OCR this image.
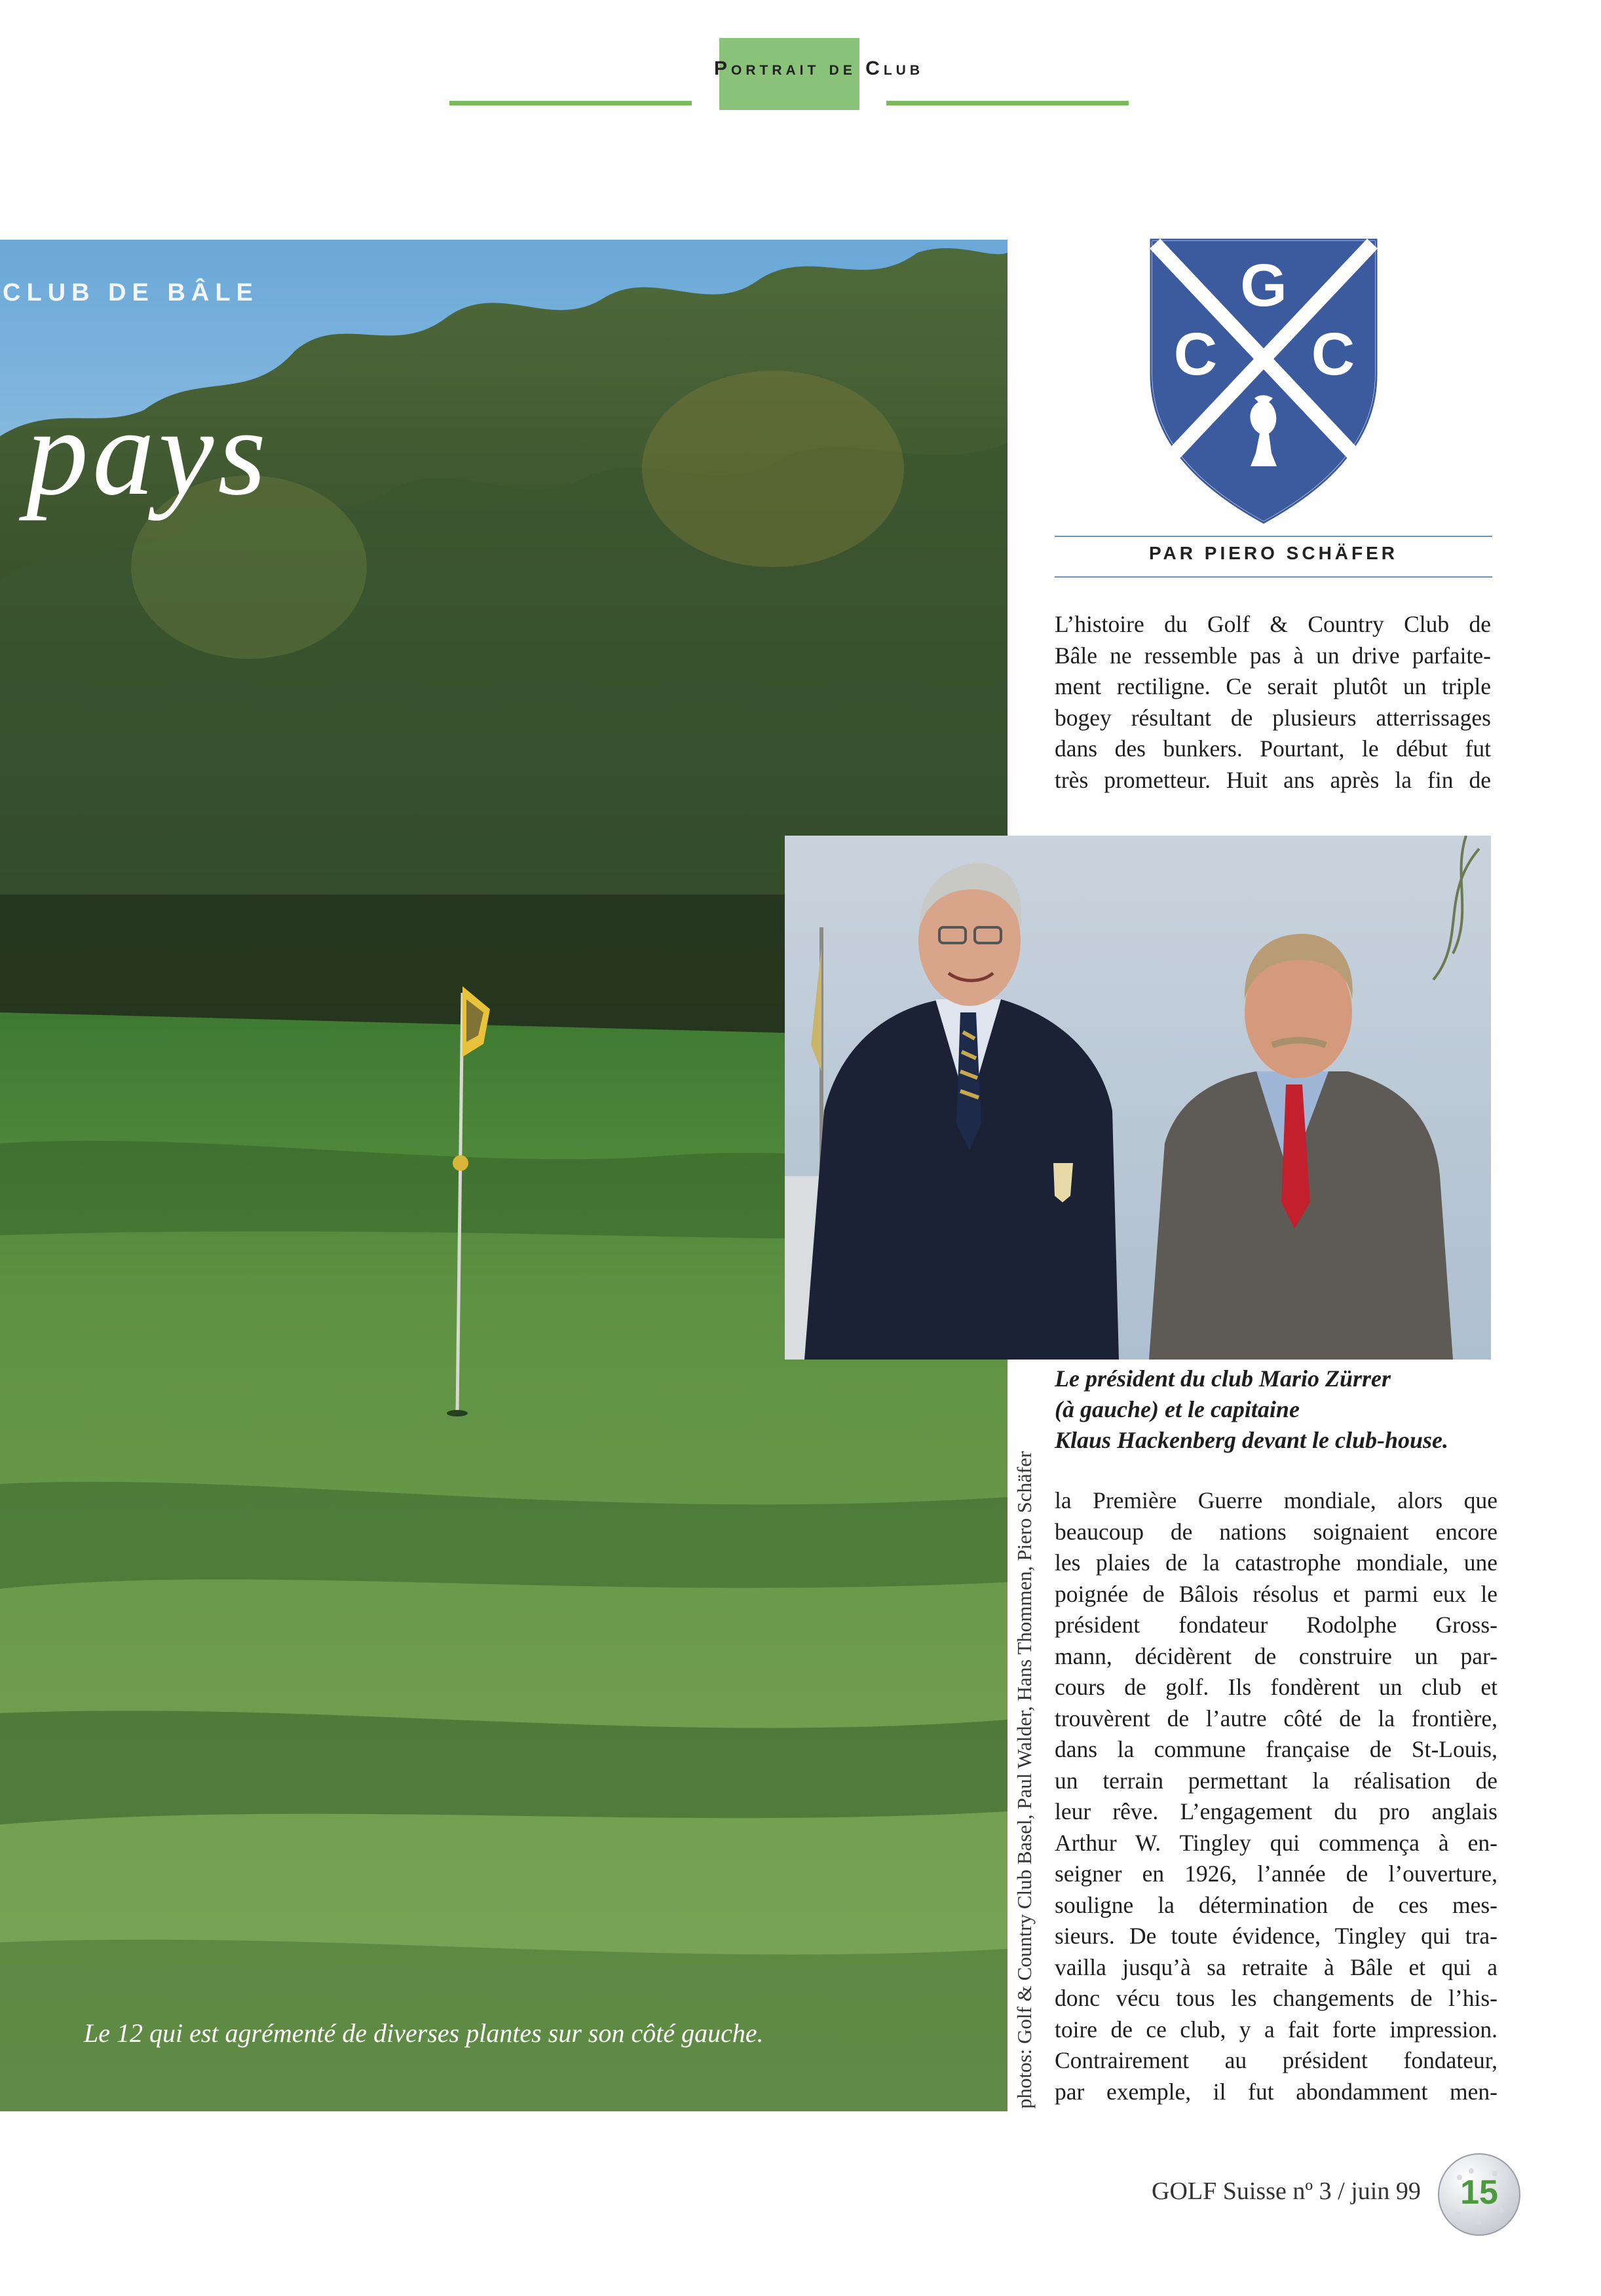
Portrait de Club
CLUB DE BÂLE
pays
Le 12 qui est agrémenté de diverses plantes sur son côté gauche.	photos: Golf & Country Club Basel, Paul Walder, Hans Thommen, Piero Schäfer
G
C C
PAR PIERO SCHÄFER
L’histoire du Golf & Country Club de
Bâle ne ressemble pas à un drive parfaite-
ment rectiligne. Ce serait plutôt un triple
bogey résultant de plusieurs atterrissages
dans des bunkers. Pourtant, le début fut
très prometteur. Huit ans après la fin de
Le président du club Mario Zürrer
(à gauche) et le capitaine
Klaus Hackenberg devant le club-house.
la Première Guerre mondiale, alors que
beaucoup de nations soignaient encore
les plaies de la catastrophe mondiale, une
poignée de Bâlois résolus et parmi eux le
président fondateur Rodolphe Gross-
mann, décidèrent de construire un par-
cours de golf. Ils fondèrent un club et
trouvèrent de l’autre côté de la frontière,
dans la commune française de St-Louis,
un terrain permettant la réalisation de
leur rêve. L’engagement du pro anglais
Arthur W. Tingley qui commença à en-
seigner en 1926, l’année de l’ouverture,
souligne la détermination de ces mes-
sieurs. De toute évidence, Tingley qui tra-
vailla jusqu’à sa retraite à Bâle et qui a
donc vécu tous les changements de l’his-
toire de ce club, y a fait forte impression.
Contrairement au président fondateur,
par exemple, il fut abondamment men-
GOLF Suisse nº 3 / juin 99	15
